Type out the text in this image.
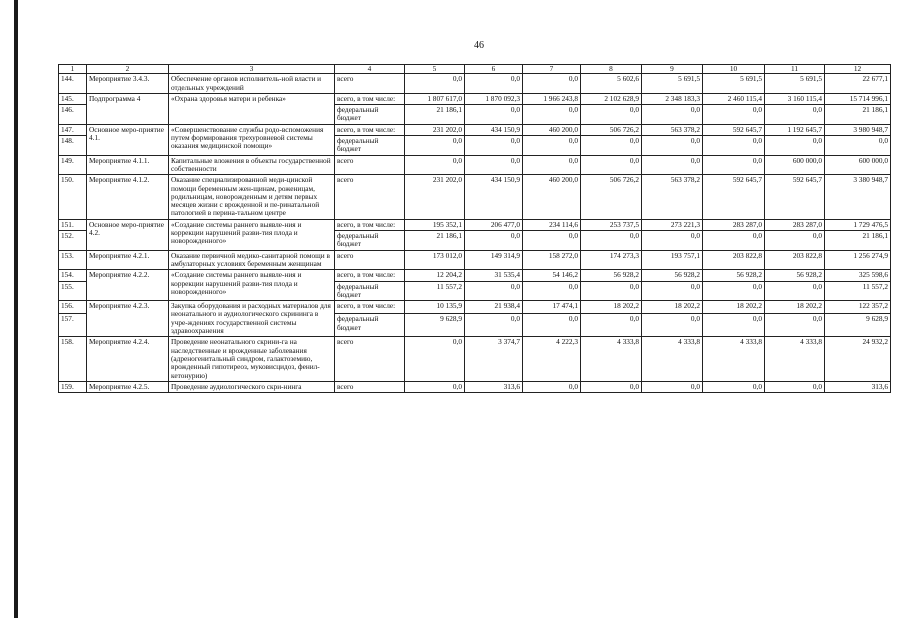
46
1	2	3	4	5	6	7	8	9	10	11	12
144.	Мероприятие 3.4.3.	Обеспечение органов исполнитель-ной власти и отдельных учреждений	всего	0,0	0,0	0,0	5 602,6	5 691,5	5 691,5	5 691,5	22 677,1
145.	Подпрограмма 4	«Охрана здоровья матери и ребенка»	всего, в том числе:	1 807 617,0	1 870 092,3	1 966 243,8	2 102 628,9	2 348 183,3	2 460 115,4	3 160 115,4	15 714 996,1
146.			федеральный бюджет	21 186,1	0,0	0,0	0,0	0,0	0,0	0,0	21 186,1
147.	Основное меро-приятие 4.1.	«Совершенствование службы родо-вспоможения путем формирования трехуровневой системы оказания медицинской помощи»	всего, в том числе:	231 202,0	434 150,9	460 200,0	506 726,2	563 378,2	592 645,7	1 192 645,7	3 980 948,7
148.			федеральный бюджет	0,0	0,0	0,0	0,0	0,0	0,0	0,0	0,0
149.	Мероприятие 4.1.1.	Капитальные вложения в объекты государственной собственности	всего	0,0	0,0	0,0	0,0	0,0	0,0	600 000,0	600 000,0
150.	Мероприятие 4.1.2.	Оказание специализированной меди-цинской помощи беременным жен-щинам, роженицам, родильницам, новорожденным и детям первых месяцев жизни с врожденной и пе-ринатальной патологией в перина-тальном центре	всего	231 202,0	434 150,9	460 200,0	506 726,2	563 378,2	592 645,7	592 645,7	3 380 948,7
151.	Основное меро-приятие 4.2.	«Создание системы раннего выявле-ния и коррекции нарушений разви-тия плода и новорожденного»	всего, в том числе:	195 352,1	206 477,0	234 114,6	253 737,5	273 221,3	283 287,0	283 287,0	1 729 476,5
152.			федеральный бюджет	21 186,1	0,0	0,0	0,0	0,0	0,0	0,0	21 186,1
153.	Мероприятие 4.2.1.	Оказание первичной медико-санитарной помощи в амбулаторных условиях беременным женщинам	всего	173 012,0	149 314,9	158 272,0	174 273,3	193 757,1	203 822,8	203 822,8	1 256 274,9
154.	Мероприятие 4.2.2.	«Создание системы раннего выявле-ния и коррекции нарушений разви-тия плода и новорожденного»	всего, в том числе:	12 204,2	31 535,4	54 146,2	56 928,2	56 928,2	56 928,2	56 928,2	325 598,6
155.			федеральный бюджет	11 557,2	0,0	0,0	0,0	0,0	0,0	0,0	11 557,2
156.	Мероприятие 4.2.3.	Закупка оборудования и расходных материалов для неонатального и аудиологического скрининга в учре-ждениях государственной системы здравоохранения	всего, в том числе:	10 135,9	21 938,4	17 474,1	18 202,2	18 202,2	18 202,2	18 202,2	122 357,2
157.			федеральный бюджет	9 628,9	0,0	0,0	0,0	0,0	0,0	0,0	9 628,9
158.	Мероприятие 4.2.4.	Проведение неонатального скрини-га на наследственные и врожденные заболевания (адреногенитальный синдром, галактоземию, врожденный гипотиреоз, муковисцидоз, фенил-кетонурию)	всего	0,0	3 374,7	4 222,3	4 333,8	4 333,8	4 333,8	4 333,8	24 932,2
159.	Мероприятие 4.2.5.	Проведение аудиологического скри-нинга	всего	0,0	313,6	0,0	0,0	0,0	0,0	0,0	313,6
